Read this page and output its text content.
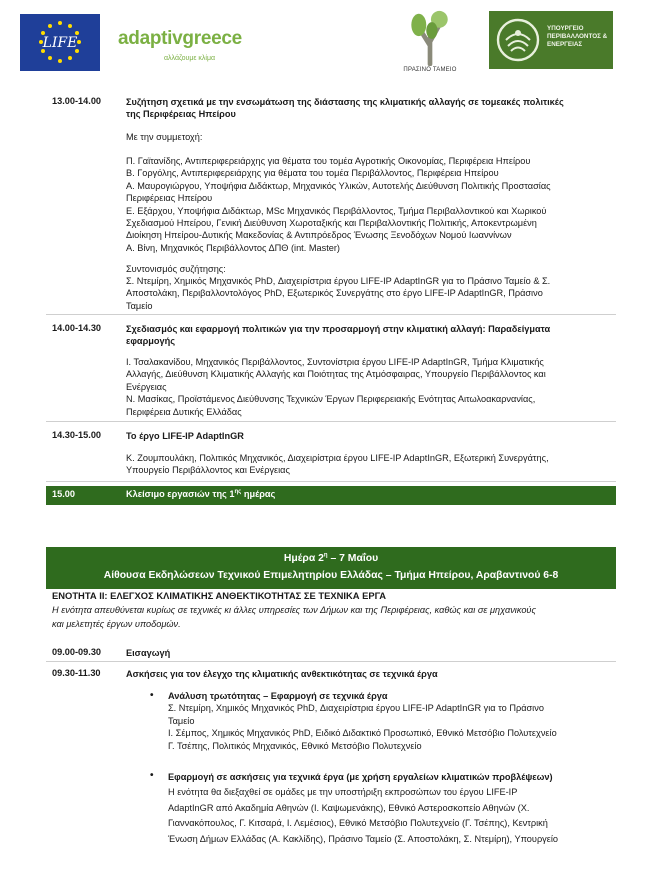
LIFE adaptivgreece
αλλάζουμε κλίμα
ΠΡΑΣΙΝΟ ΤΑΜΕΙΟ
ΥΠΟΥΡΓΕΙΟ ΠΕΡΙΒΑΛΛΟΝΤΟΣ & ΕΝΕΡΓΕΙΑΣ
13.00-14.00	Συζήτηση σχετικά με την ενσωμάτωση της διάστασης της κλιματικής αλλαγής σε τομεακές πολιτικές

της Περιφέρειας Ηπείρου

Με την συμμετοχή:

Π. Γαϊτανίδης, Αντιπεριφερειάρχης για θέματα του τομέα Αγροτικής Οικονομίας, Περιφέρεια Ηπείρου

Β. Γοργόλης, Αντιπεριφερειάρχης για θέματα του τομέα Περιβάλλοντος, Περιφέρεια Ηπείρου

Α. Μαυρογιώργου, Υποψήφια Διδάκτωρ, Μηχανικός Υλικών, Αυτοτελής Διεύθυνση Πολιτικής Προστασίας

Περιφέρειας Ηπείρου

Ε. Εξάρχου, Υποψήφια Διδάκτωρ, MSc Μηχανικός Περιβάλλοντος, Τμήμα Περιβαλλοντικού και Χωρικού

Σχεδιασμού Ηπείρου, Γενική Διεύθυνση Χωροταξικής και Περιβαλλοντικής Πολιτικής, Αποκεντρωμένη

Διοίκηση Ηπείρου-Δυτικής Μακεδονίας & Αντιπρόεδρος Ένωσης Ξενοδόχων Νομού Ιωαννίνων

Α. Βίνη, Μηχανικός Περιβάλλοντος ΔΠΘ (int. Master)

Συντονισμός συζήτησης:

Σ. Ντεμίρη, Χημικός Μηχανικός PhD, Διαχειρίστρια έργου LIFE-IP AdaptInGR για το Πράσινο Ταμείο & Σ.

Αποστολάκη, Περιβαλλοντολόγος PhD, Εξωτερικός Συνεργάτης στο έργο LIFE-IP AdaptInGR, Πράσινο

Ταμείο

14.00-14.30	Σχεδιασμός και εφαρμογή πολιτικών για την προσαρμογή στην κλιματική αλλαγή: Παραδείγματα

εφαρμογής

Ι. Τσαλακανίδου, Μηχανικός Περιβάλλοντος, Συντονίστρια έργου LIFE-IP AdaptInGR, Τμήμα Κλιματικής

Αλλαγής, Διεύθυνση Κλιματικής Αλλαγής και Ποιότητας της Ατμόσφαιρας, Υπουργείο Περιβάλλοντος και

Ενέργειας

Ν. Μασίκας, Προϊστάμενος Διεύθυνσης Τεχνικών Έργων Περιφερειακής Ενότητας Αιτωλοακαρνανίας,

Περιφέρεια Δυτικής Ελλάδας

14.30-15.00	Το έργο LIFE-IP AdaptInGR

Κ. Ζουμπουλάκη, Πολιτικός Μηχανικός, Διαχειρίστρια έργου LIFE-IP AdaptInGR, Εξωτερική Συνεργάτης,

Υπουργείο Περιβάλλοντος και Ενέργειας

15.00	Κλείσιμο εργασιών της $1^{\eta\varsigma}$ ημέρας
Ημέρα $2^\eta - 7$ Μαΐου
Αίθουσα Εκδηλώσεων Τεχνικού Επιμελητηρίου Ελλάδας – Τμήμα Ηπείρου, Αραβαντινού 6-8
ΕΝΟΤΗΤΑ ΙΙ: ΕΛΕΓΧΟΣ ΚΛΙΜΑΤΙΚΗΣ ΑΝΘΕΚΤΙΚΟΤΗΤΑΣ ΣΕ ΤΕΧΝΙΚΑ ΕΡΓΑ

Η ενότητα απευθύνεται κυρίως σε τεχνικές κι άλλες υπηρεσίες των Δήμων και της Περιφέρειας, καθώς και σε μηχανικούς

και μελετητές έργων υποδομών.

09.00-09.30	Εισαγωγή
09.30-11.30	Ασκήσεις για τον έλεγχο της κλιματικής ανθεκτικότητας σε τεχνικά έργα
• Ανάλυση τρωτότητας – Εφαρμογή σε τεχνικά έργα

Σ. Ντεμίρη, Χημικός Μηχανικός PhD, Διαχειρίστρια έργου LIFE-IP AdaptInGR για το Πράσινο

Ταμείο

Ι. Σέμπος, Χημικός Μηχανικός PhD, Ειδικό Διδακτικό Προσωπικό, Εθνικό Μετσόβιο Πολυτεχνείο

Γ. Τσέπης, Πολιτικός Μηχανικός, Εθνικό Μετσόβιο Πολυτεχνείο

• Εφαρμογή σε ασκήσεις για τεχνικά έργα (με χρήση εργαλείων κλιματικών προβλέψεων)

Η ενότητα θα διεξαχθεί σε ομάδες με την υποστήριξη εκπροσώπων του έργου LIFE-IP

AdaptInGR από Ακαδημία Αθηνών (Ι. Καψωμενάκης), Εθνικό Αστεροσκοπείο Αθηνών (Χ.

Γιαννακόπουλος, Γ. Κιτσαρά, Ι. Λεμέσιος), Εθνικό Μετσόβιο Πολυτεχνείο (Γ. Τσέπης), Κεντρική

Ένωση Δήμων Ελλάδας (Α. Κακλίδης), Πράσινο Ταμείο (Σ. Αποστολάκη, Σ. Ντεμίρη), Υπουργείο
